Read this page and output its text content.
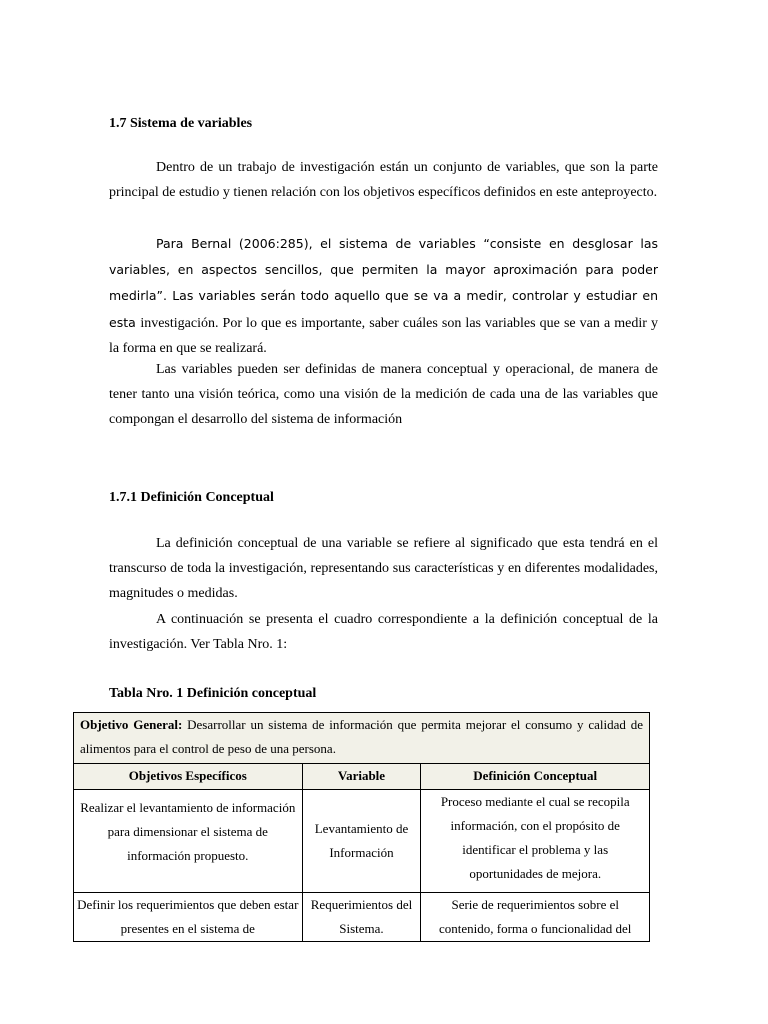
1.7 Sistema de variables

Dentro de un trabajo de investigación están un conjunto de variables, que son la parte principal de estudio y tienen relación con los objetivos específicos definidos en este anteproyecto.

Para Bernal (2006:285), el sistema de variables “consiste en desglosar las variables, en aspectos sencillos, que permiten la mayor aproximación para poder medirla”. Las variables serán todo aquello que se va a medir, controlar y estudiar en esta investigación. Por lo que es importante, saber cuáles son las variables que se van a medir y la forma en que se realizará.

Las variables pueden ser definidas de manera conceptual y operacional, de manera de tener tanto una visión teórica, como una visión de la medición de cada una de las variables que compongan el desarrollo del sistema de información

1.7.1 Definición Conceptual

La definición conceptual de una variable se refiere al significado que esta tendrá en el transcurso de toda la investigación, representando sus características y en diferentes modalidades, magnitudes o medidas.

A continuación se presenta el cuadro correspondiente a la definición conceptual de la investigación. Ver Tabla Nro. 1:

Tabla Nro. 1 Definición conceptual
Objetivo General: Desarrollar un sistema de información que permita mejorar el consumo y calidad de alimentos para el control de peso de una persona.		
Objetivos Específicos	Variable	Definición Conceptual
Realizar el levantamiento de información para dimensionar el sistema de información propuesto.	Levantamiento de Información	Proceso mediante el cual se recopila información, con el propósito de identificar el problema y las oportunidades de mejora.
Definir los requerimientos que deben estar presentes en el sistema de	Requerimientos del Sistema.	Serie de requerimientos sobre el contenido, forma o funcionalidad del
